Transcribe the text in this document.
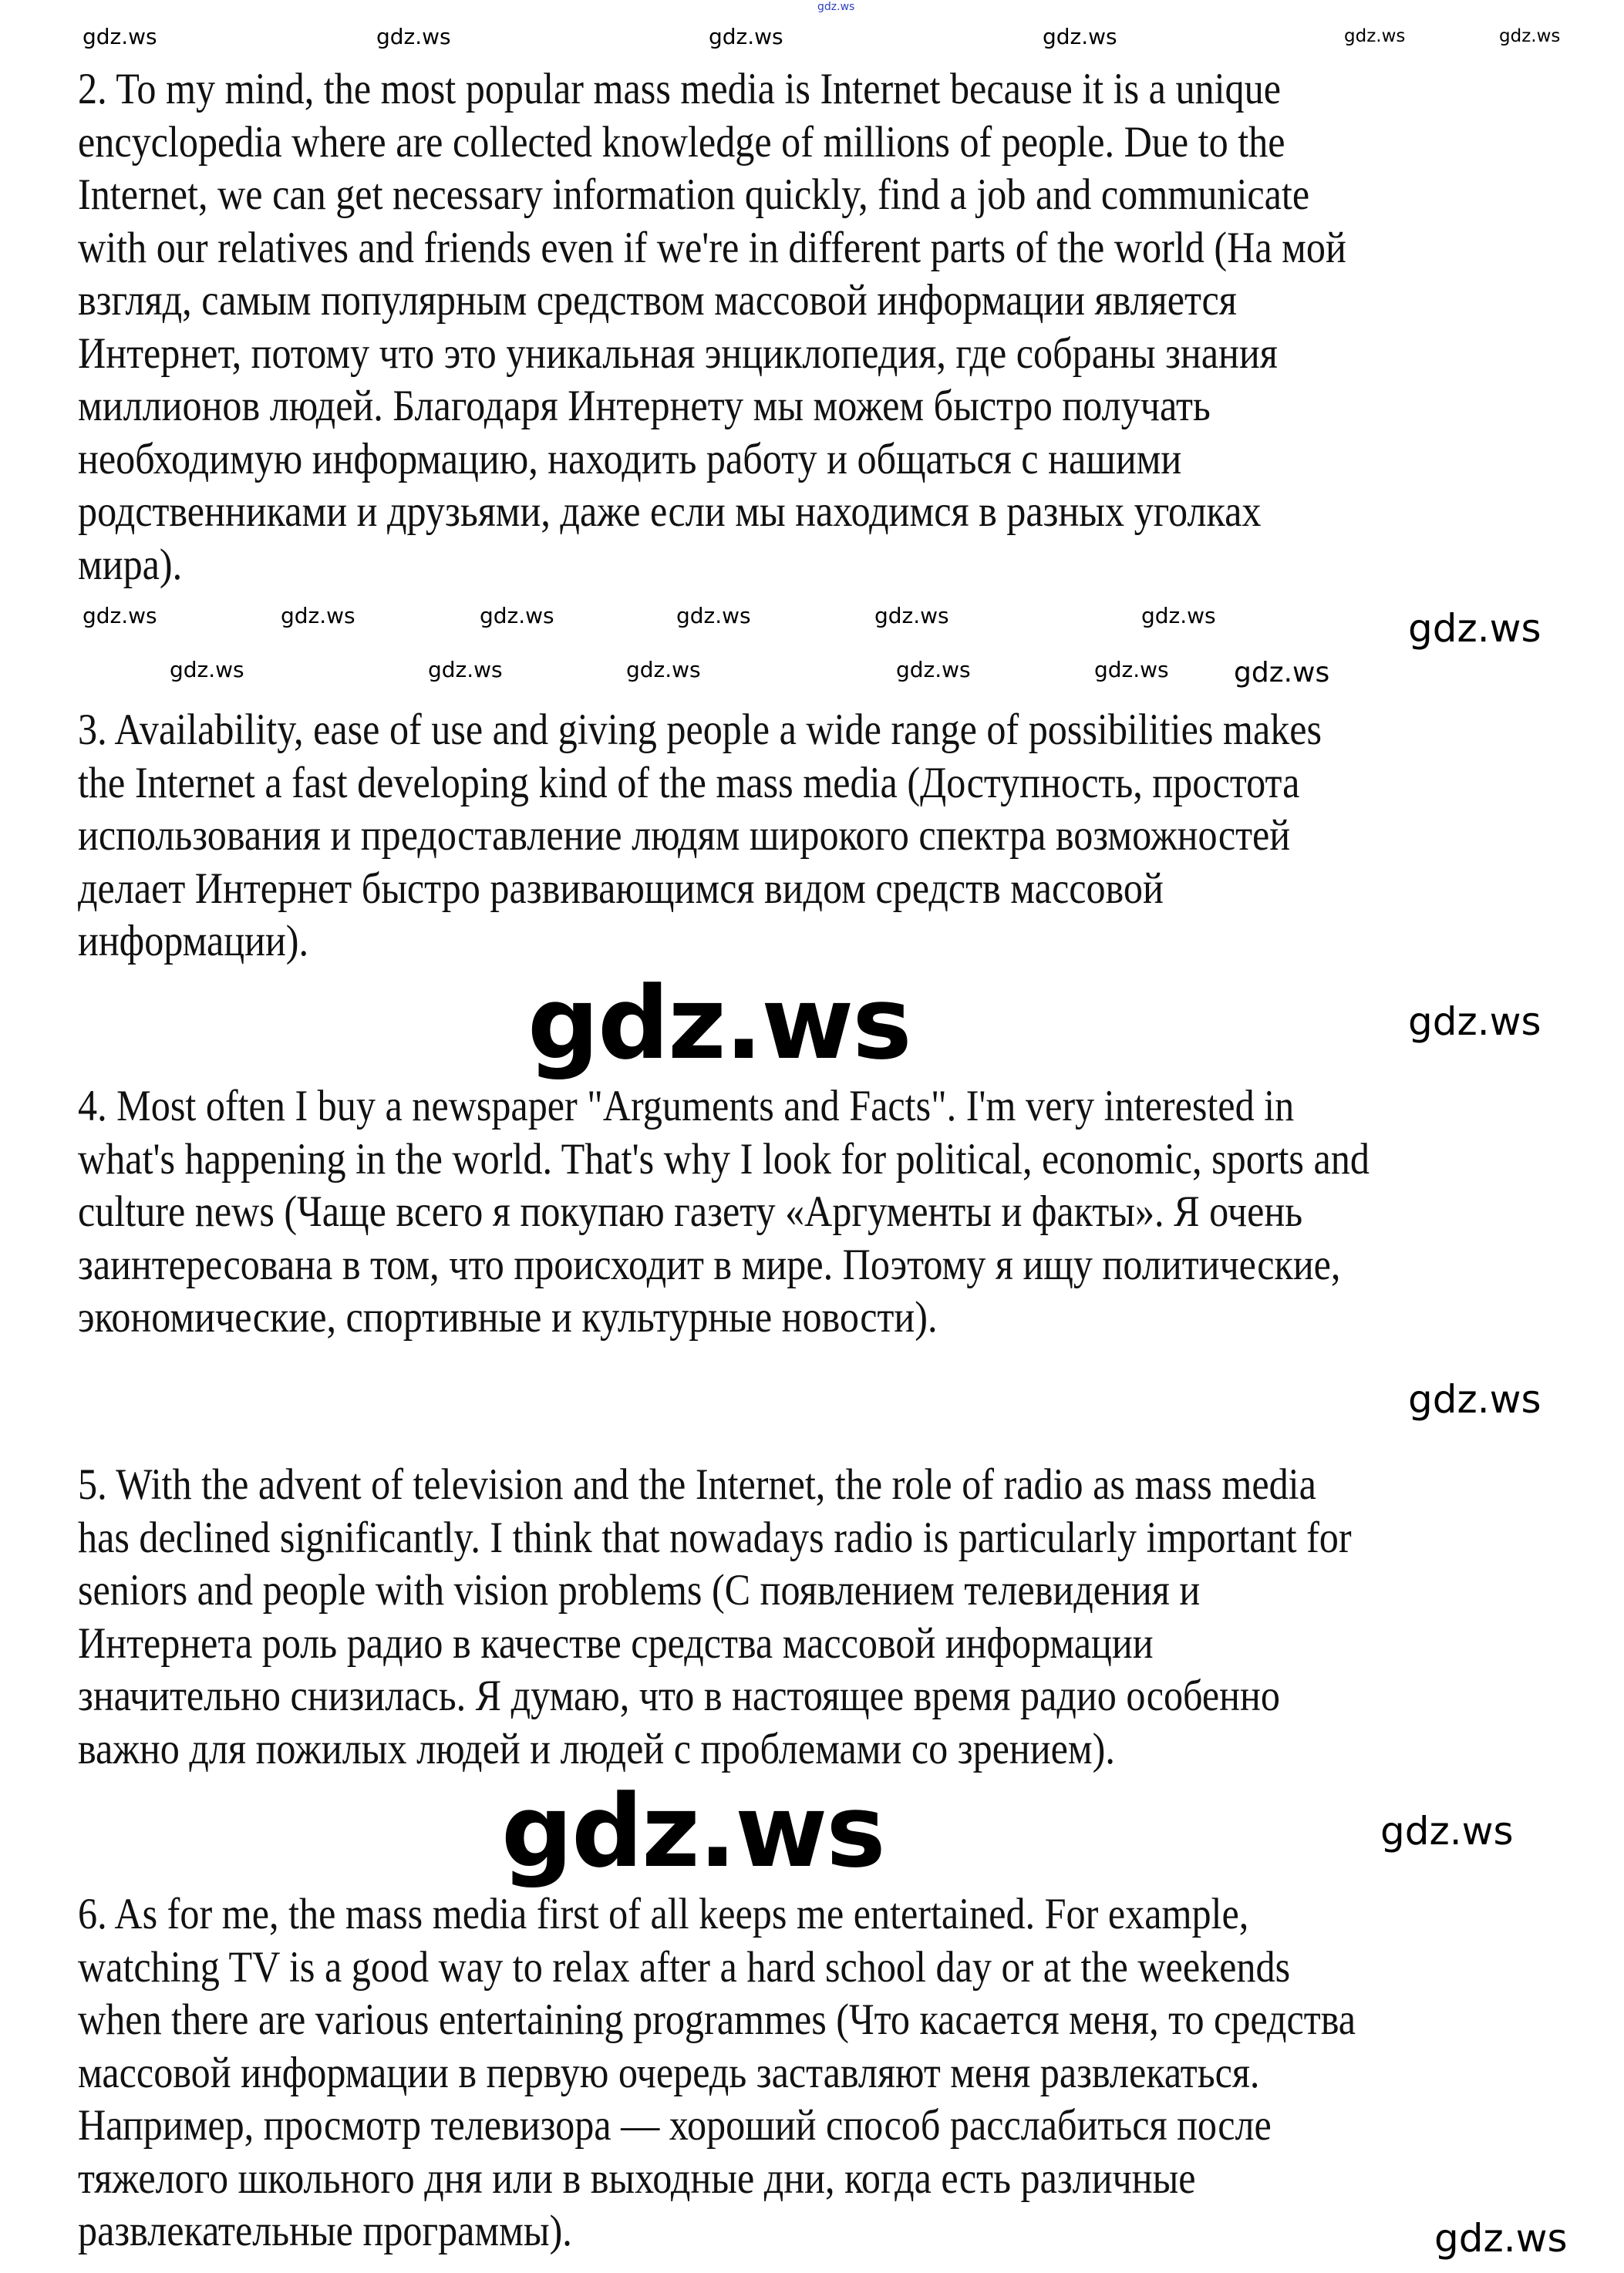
gdz.ws
2. To my mind, the most popular mass media is Internet because it is a unique
encyclopedia where are collected knowledge of millions of people. Due to the
Internet, we can get necessary information quickly, find a job and communicate
with our relatives and friends even if we're in different parts of the world (На мой
взгляд, самым популярным средством массовой информации является
Интернет, потому что это уникальная энциклопедия, где собраны знания
миллионов людей. Благодаря Интернету мы можем быстро получать
необходимую информацию, находить работу и общаться с нашими
родственниками и друзьями, даже если мы находимся в разных уголках
мира).
3. Availability, ease of use and giving people a wide range of possibilities makes
the Internet a fast developing kind of the mass media (Доступность, простота
использования и предоставление людям широкого спектра возможностей
делает Интернет быстро развивающимся видом средств массовой
информации).
4. Most often I buy a newspaper "Arguments and Facts". I'm very interested in
what's happening in the world. That's why I look for political, economic, sports and
culture news (Чаще всего я покупаю газету «Аргументы и факты». Я очень
заинтересована в том, что происходит в мире. Поэтому я ищу политические,
экономические, спортивные и культурные новости).
5. With the advent of television and the Internet, the role of radio as mass media
has declined significantly. I think that nowadays radio is particularly important for
seniors and people with vision problems (С появлением телевидения и
Интернета роль радио в качестве средства массовой информации
значительно снизилась. Я думаю, что в настоящее время радио особенно
важно для пожилых людей и людей с проблемами со зрением).
6. As for me, the mass media first of all keeps me entertained. For example,
watching TV is a good way to relax after a hard school day or at the weekends
when there are various entertaining programmes (Что касается меня, то средства
массовой информации в первую очередь заставляют меня развлекаться.
Например, просмотр телевизора — хороший способ расслабиться после
тяжелого школьного дня или в выходные дни, когда есть различные
развлекательные программы).
gdz.ws	gdz.ws	gdz.ws	gdz.ws	gdz.ws	gdz.ws
gdz.ws	gdz.ws	gdz.ws	gdz.ws	gdz.ws	gdz.ws
gdz.ws
gdz.ws	gdz.ws	gdz.ws	gdz.ws	gdz.ws
gdz.ws
gdz.ws
gdz.ws
gdz.ws
gdz.ws
gdz.ws
gdz.ws
